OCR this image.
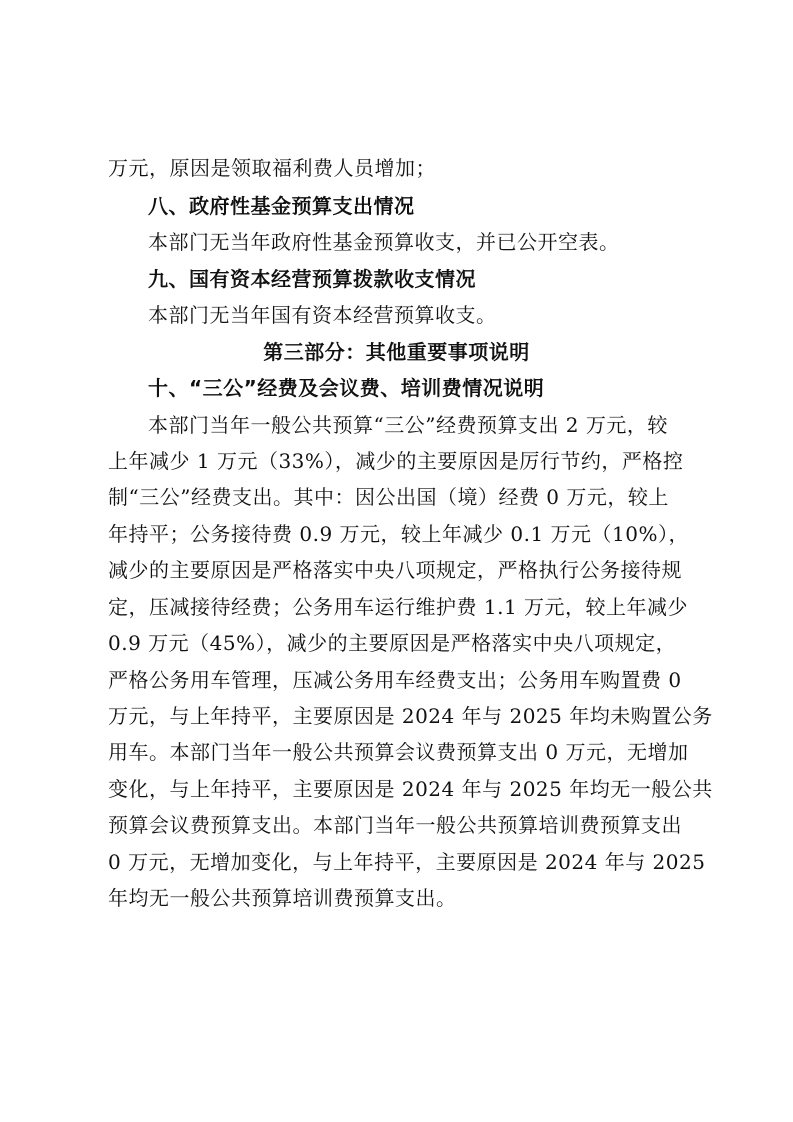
万元，原因是领取福利费人员增加；
八、政府性基金预算支出情况
本部门无当年政府性基金预算收支，并已公开空表。
九、国有资本经营预算拨款收支情况
本部门无当年国有资本经营预算收支。
第三部分：其他重要事项说明
十、“三公”经费及会议费、培训费情况说明
本部门当年一般公共预算“三公”经费预算支出 2 万元，较
上年减少 1 万元（33%），减少的主要原因是厉行节约，严格控
制“三公”经费支出。其中：因公出国（境）经费 0 万元，较上
年持平；公务接待费 0.9 万元，较上年减少 0.1 万元（10%），
减少的主要原因是严格落实中央八项规定，严格执行公务接待规
定，压减接待经费；公务用车运行维护费 1.1 万元，较上年减少
0.9 万元（45%），减少的主要原因是严格落实中央八项规定，
严格公务用车管理，压减公务用车经费支出；公务用车购置费 0
万元，与上年持平，主要原因是 2024 年与 2025 年均未购置公务
用车。本部门当年一般公共预算会议费预算支出 0 万元，无增加
变化，与上年持平，主要原因是 2024 年与 2025 年均无一般公共
预算会议费预算支出。本部门当年一般公共预算培训费预算支出
0 万元，无增加变化，与上年持平，主要原因是 2024 年与 2025
年均无一般公共预算培训费预算支出。
